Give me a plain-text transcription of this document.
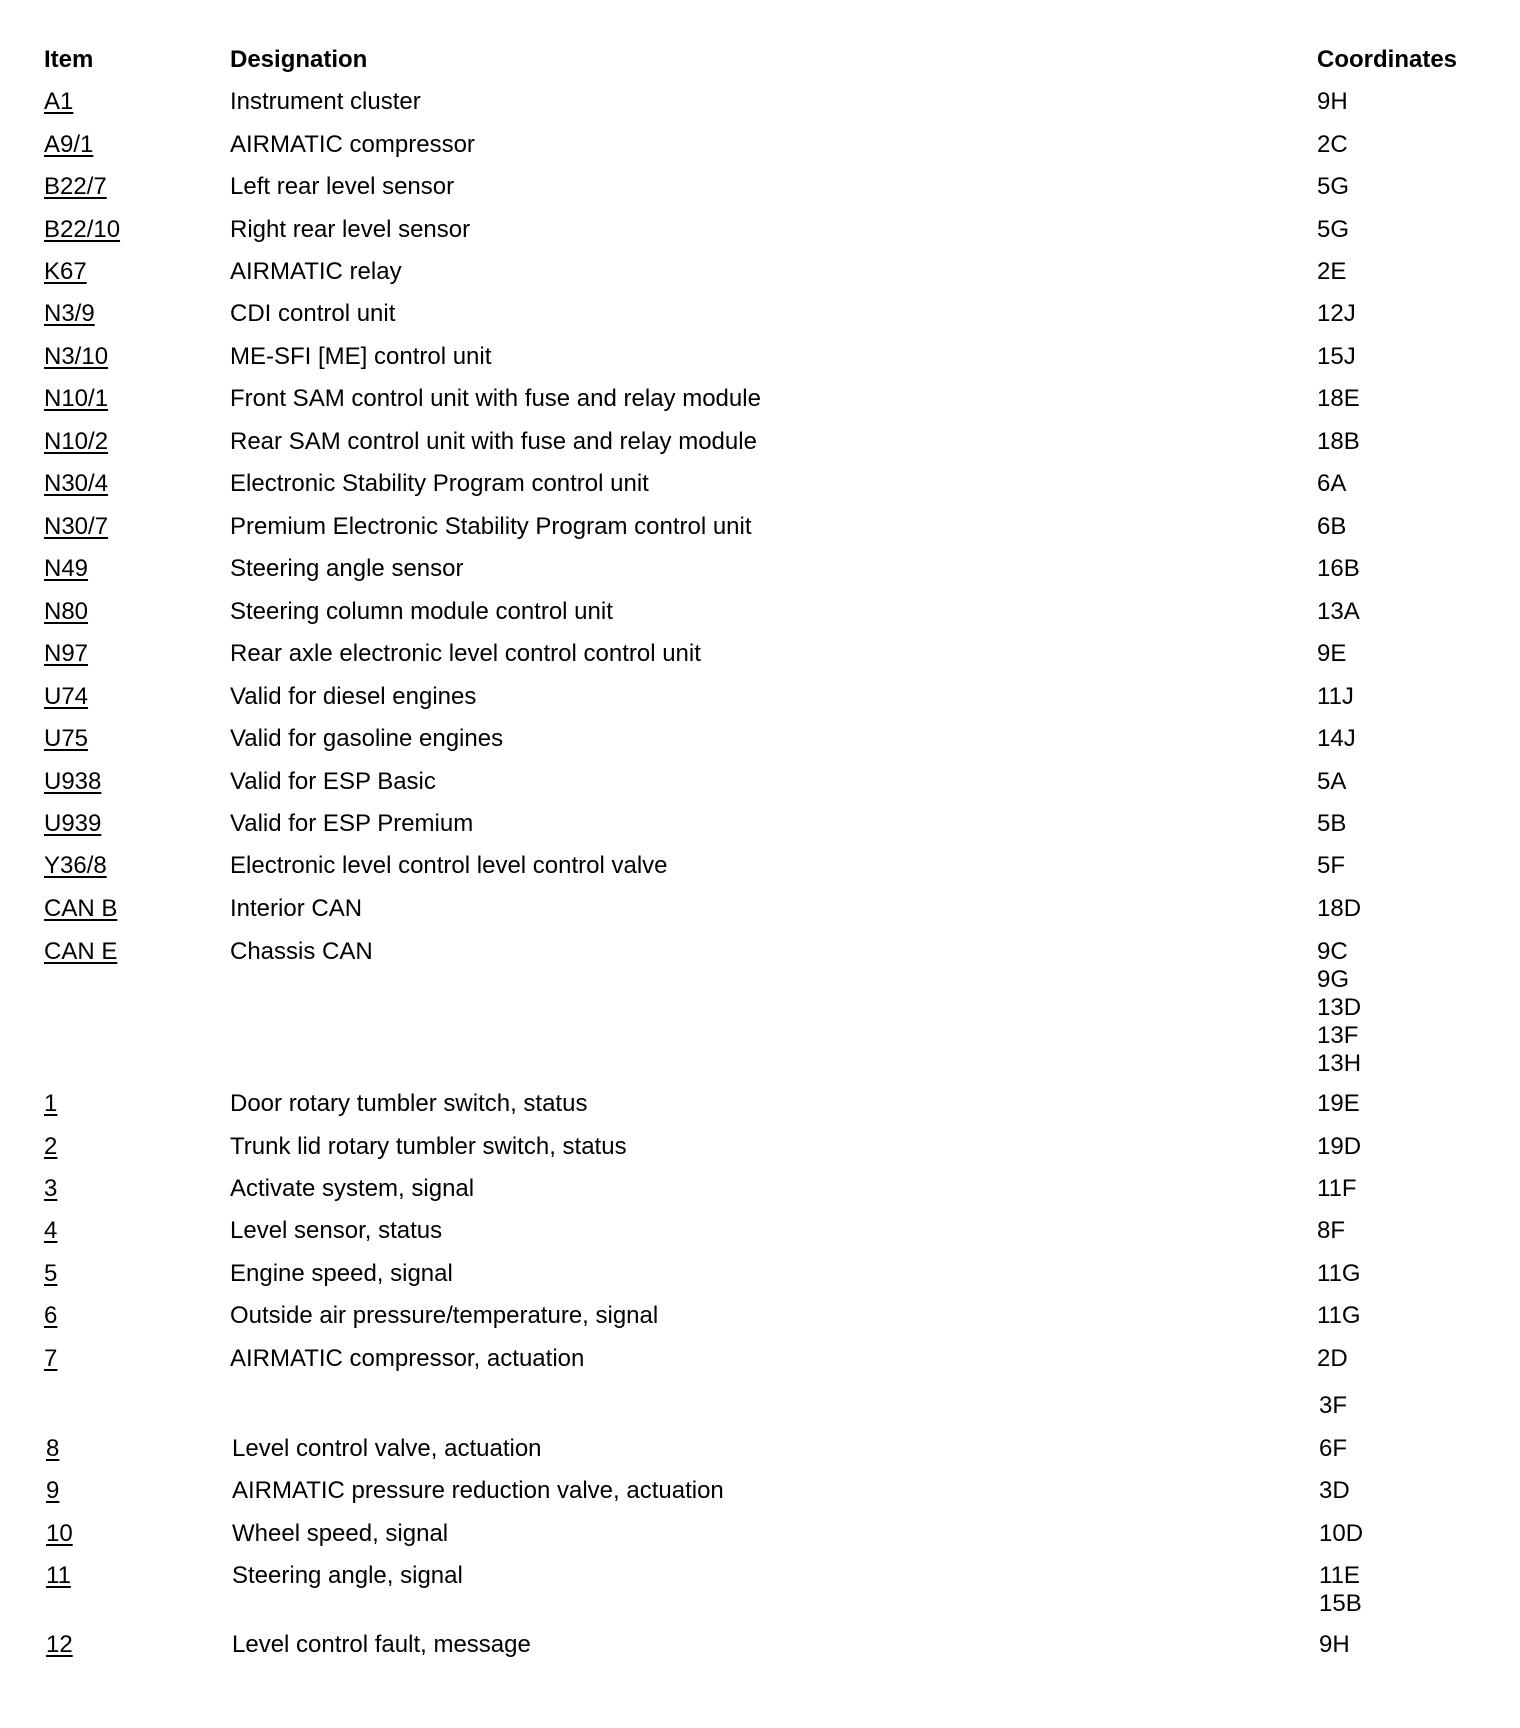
Item	Designation	Coordinates
A1	Instrument cluster	9H
A9/1	AIRMATIC compressor	2C
B22/7	Left rear level sensor	5G
B22/10	Right rear level sensor	5G
K67	AIRMATIC relay	2E
N3/9	CDI control unit	12J
N3/10	ME-SFI [ME] control unit	15J
N10/1	Front SAM control unit with fuse and relay module	18E
N10/2	Rear SAM control unit with fuse and relay module	18B
N30/4	Electronic Stability Program control unit	6A
N30/7	Premium Electronic Stability Program control unit	6B
N49	Steering angle sensor	16B
N80	Steering column module control unit	13A
N97	Rear axle electronic level control control unit	9E
U74	Valid for diesel engines	11J
U75	Valid for gasoline engines	14J
U938	Valid for ESP Basic	5A
U939	Valid for ESP Premium	5B
Y36/8	Electronic level control level control valve	5F
CAN B	Interior CAN	18D
CAN E	Chassis CAN	9C
9G
13D
13F
13H
1	Door rotary tumbler switch, status	19E
2	Trunk lid rotary tumbler switch, status	19D
3	Activate system, signal	11F
4	Level sensor, status	8F
5	Engine speed, signal	11G
6	Outside air pressure/temperature, signal	11G
7	AIRMATIC compressor, actuation	2D
3F
8	Level control valve, actuation	6F
9	AIRMATIC pressure reduction valve, actuation	3D
10	Wheel speed, signal	10D
11	Steering angle, signal	11E
15B
12	Level control fault, message	9H
